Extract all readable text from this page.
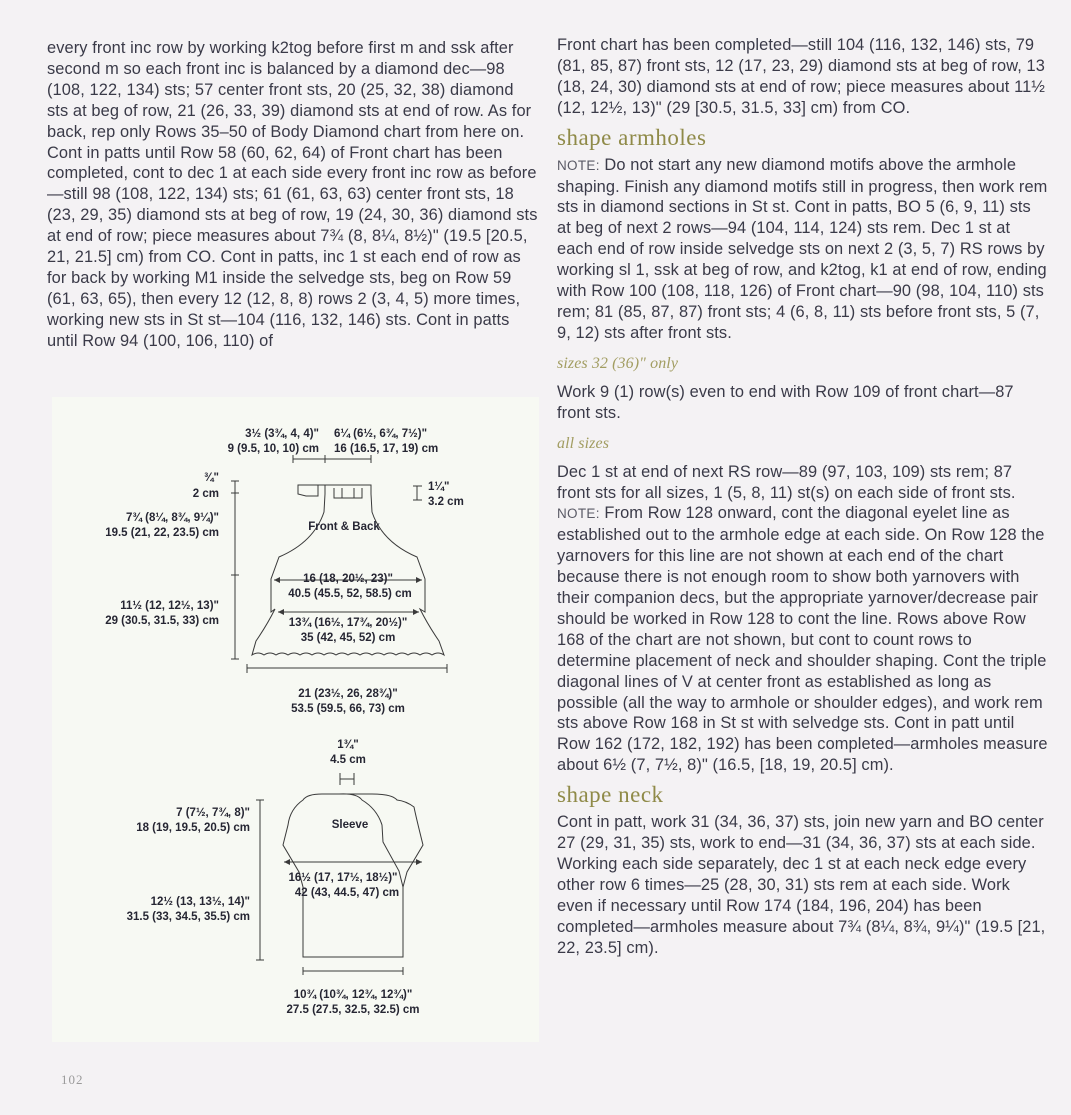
every front inc row by working k2tog before first m and ssk after second m so each front inc is balanced by a diamond dec—98 (108, 122, 134) sts; 57 center front sts, 20 (25, 32, 38) diamond sts at beg of row, 21 (26, 33, 39) diamond sts at end of row. As for back, rep only Rows 35–50 of Body Diamond chart from here on. Cont in patts until Row 58 (60, 62, 64) of Front chart has been completed, cont to dec 1 at each side every front inc row as before—still 98 (108, 122, 134) sts; 61 (61, 63, 63) center front sts, 18 (23, 29, 35) diamond sts at beg of row, 19 (24, 30, 36) diamond sts at end of row; piece measures about 7¾ (8, 8¼, 8½)" (19.5 [20.5, 21, 21.5] cm) from CO. Cont in patts, inc 1 st each end of row as for back by working M1 inside the selvedge sts, beg on Row 59 (61, 63, 65), then every 12 (12, 8, 8) rows 2 (3, 4, 5) more times, working new sts in St st—104 (116, 132, 146) sts. Cont in patts until Row 94 (100, 106, 110) of

Front chart has been completed—still 104 (116, 132, 146) sts, 79 (81, 85, 87) front sts, 12 (17, 23, 29) diamond sts at beg of row, 13 (18, 24, 30) diamond sts at end of row; piece measures about 11½ (12, 12½, 13)" (29 [30.5, 31.5, 33] cm) from CO.

shape armholes

NOTE: Do not start any new diamond motifs above the armhole shaping. Finish any diamond motifs still in progress, then work rem sts in diamond sections in St st. Cont in patts, BO 5 (6, 9, 11) sts at beg of next 2 rows—94 (104, 114, 124) sts rem. Dec 1 st at each end of row inside selvedge sts on next 2 (3, 5, 7) RS rows by working sl 1, ssk at beg of row, and k2tog, k1 at end of row, ending with Row 100 (108, 118, 126) of Front chart—90 (98, 104, 110) sts rem; 81 (85, 87, 87) front sts; 4 (6, 8, 11) sts before front sts, 5 (7, 9, 12) sts after front sts.

sizes 32 (36)" only

Work 9 (1) row(s) even to end with Row 109 of front chart—87 front sts.

all sizes

Dec 1 st at end of next RS row—89 (97, 103, 109) sts rem; 87 front sts for all sizes, 1 (5, 8, 11) st(s) on each side of front sts. NOTE: From Row 128 onward, cont the diagonal eyelet line as established out to the armhole edge at each side. On Row 128 the yarnovers for this line are not shown at each end of the chart because there is not enough room to show both yarnovers with their companion decs, but the appropriate yarnover/decrease pair should be worked in Row 128 to cont the line. Rows above Row 168 of the chart are not shown, but cont to count rows to determine placement of neck and shoulder shaping. Cont the triple diagonal lines of V at center front as established as long as possible (all the way to armhole or shoulder edges), and work rem sts above Row 168 in St st with selvedge sts. Cont in patt until Row 162 (172, 182, 192) has been completed—armholes measure about 6½ (7, 7½, 8)" (16.5, [18, 19, 20.5] cm).

shape neck

Cont in patt, work 31 (34, 36, 37) sts, join new yarn and BO center 27 (29, 31, 35) sts, work to end—31 (34, 36, 37) sts at each side. Working each side separately, dec 1 st at each neck edge every other row 6 times—25 (28, 30, 31) sts rem at each side. Work even if necessary until Row 174 (184, 196, 204) has been completed—armholes measure about 7¾ (8¼, 8¾, 9¼)" (19.5 [21, 22, 23.5] cm).

Front & Back
3½ (3¾, 4, 4)"
9 (9.5, 10, 10) cm
6¼ (6½, 6¾, 7½)"
16 (16.5, 17, 19) cm
¾"
2 cm
1¼"
3.2 cm
7¾ (8¼, 8¾, 9¼)"
19.5 (21, 22, 23.5) cm
16 (18, 20½, 23)"
40.5 (45.5, 52, 58.5) cm
11½ (12, 12½, 13)"
29 (30.5, 31.5, 33) cm	13¾ (16½, 17¾, 20½)"
35 (42, 45, 52) cm
21 (23½, 26, 28¾)"
53.5 (59.5, 66, 73) cm
Sleeve
1¾"
4.5 cm
7 (7½, 7¾, 8)"
18 (19, 19.5, 20.5) cm
16½ (17, 17½, 18½)"
42 (43, 44.5, 47) cm
12½ (13, 13½, 14)"
31.5 (33, 34.5, 35.5) cm
10¾ (10¾, 12¾, 12¾)"
27.5 (27.5, 32.5, 32.5) cm
102
